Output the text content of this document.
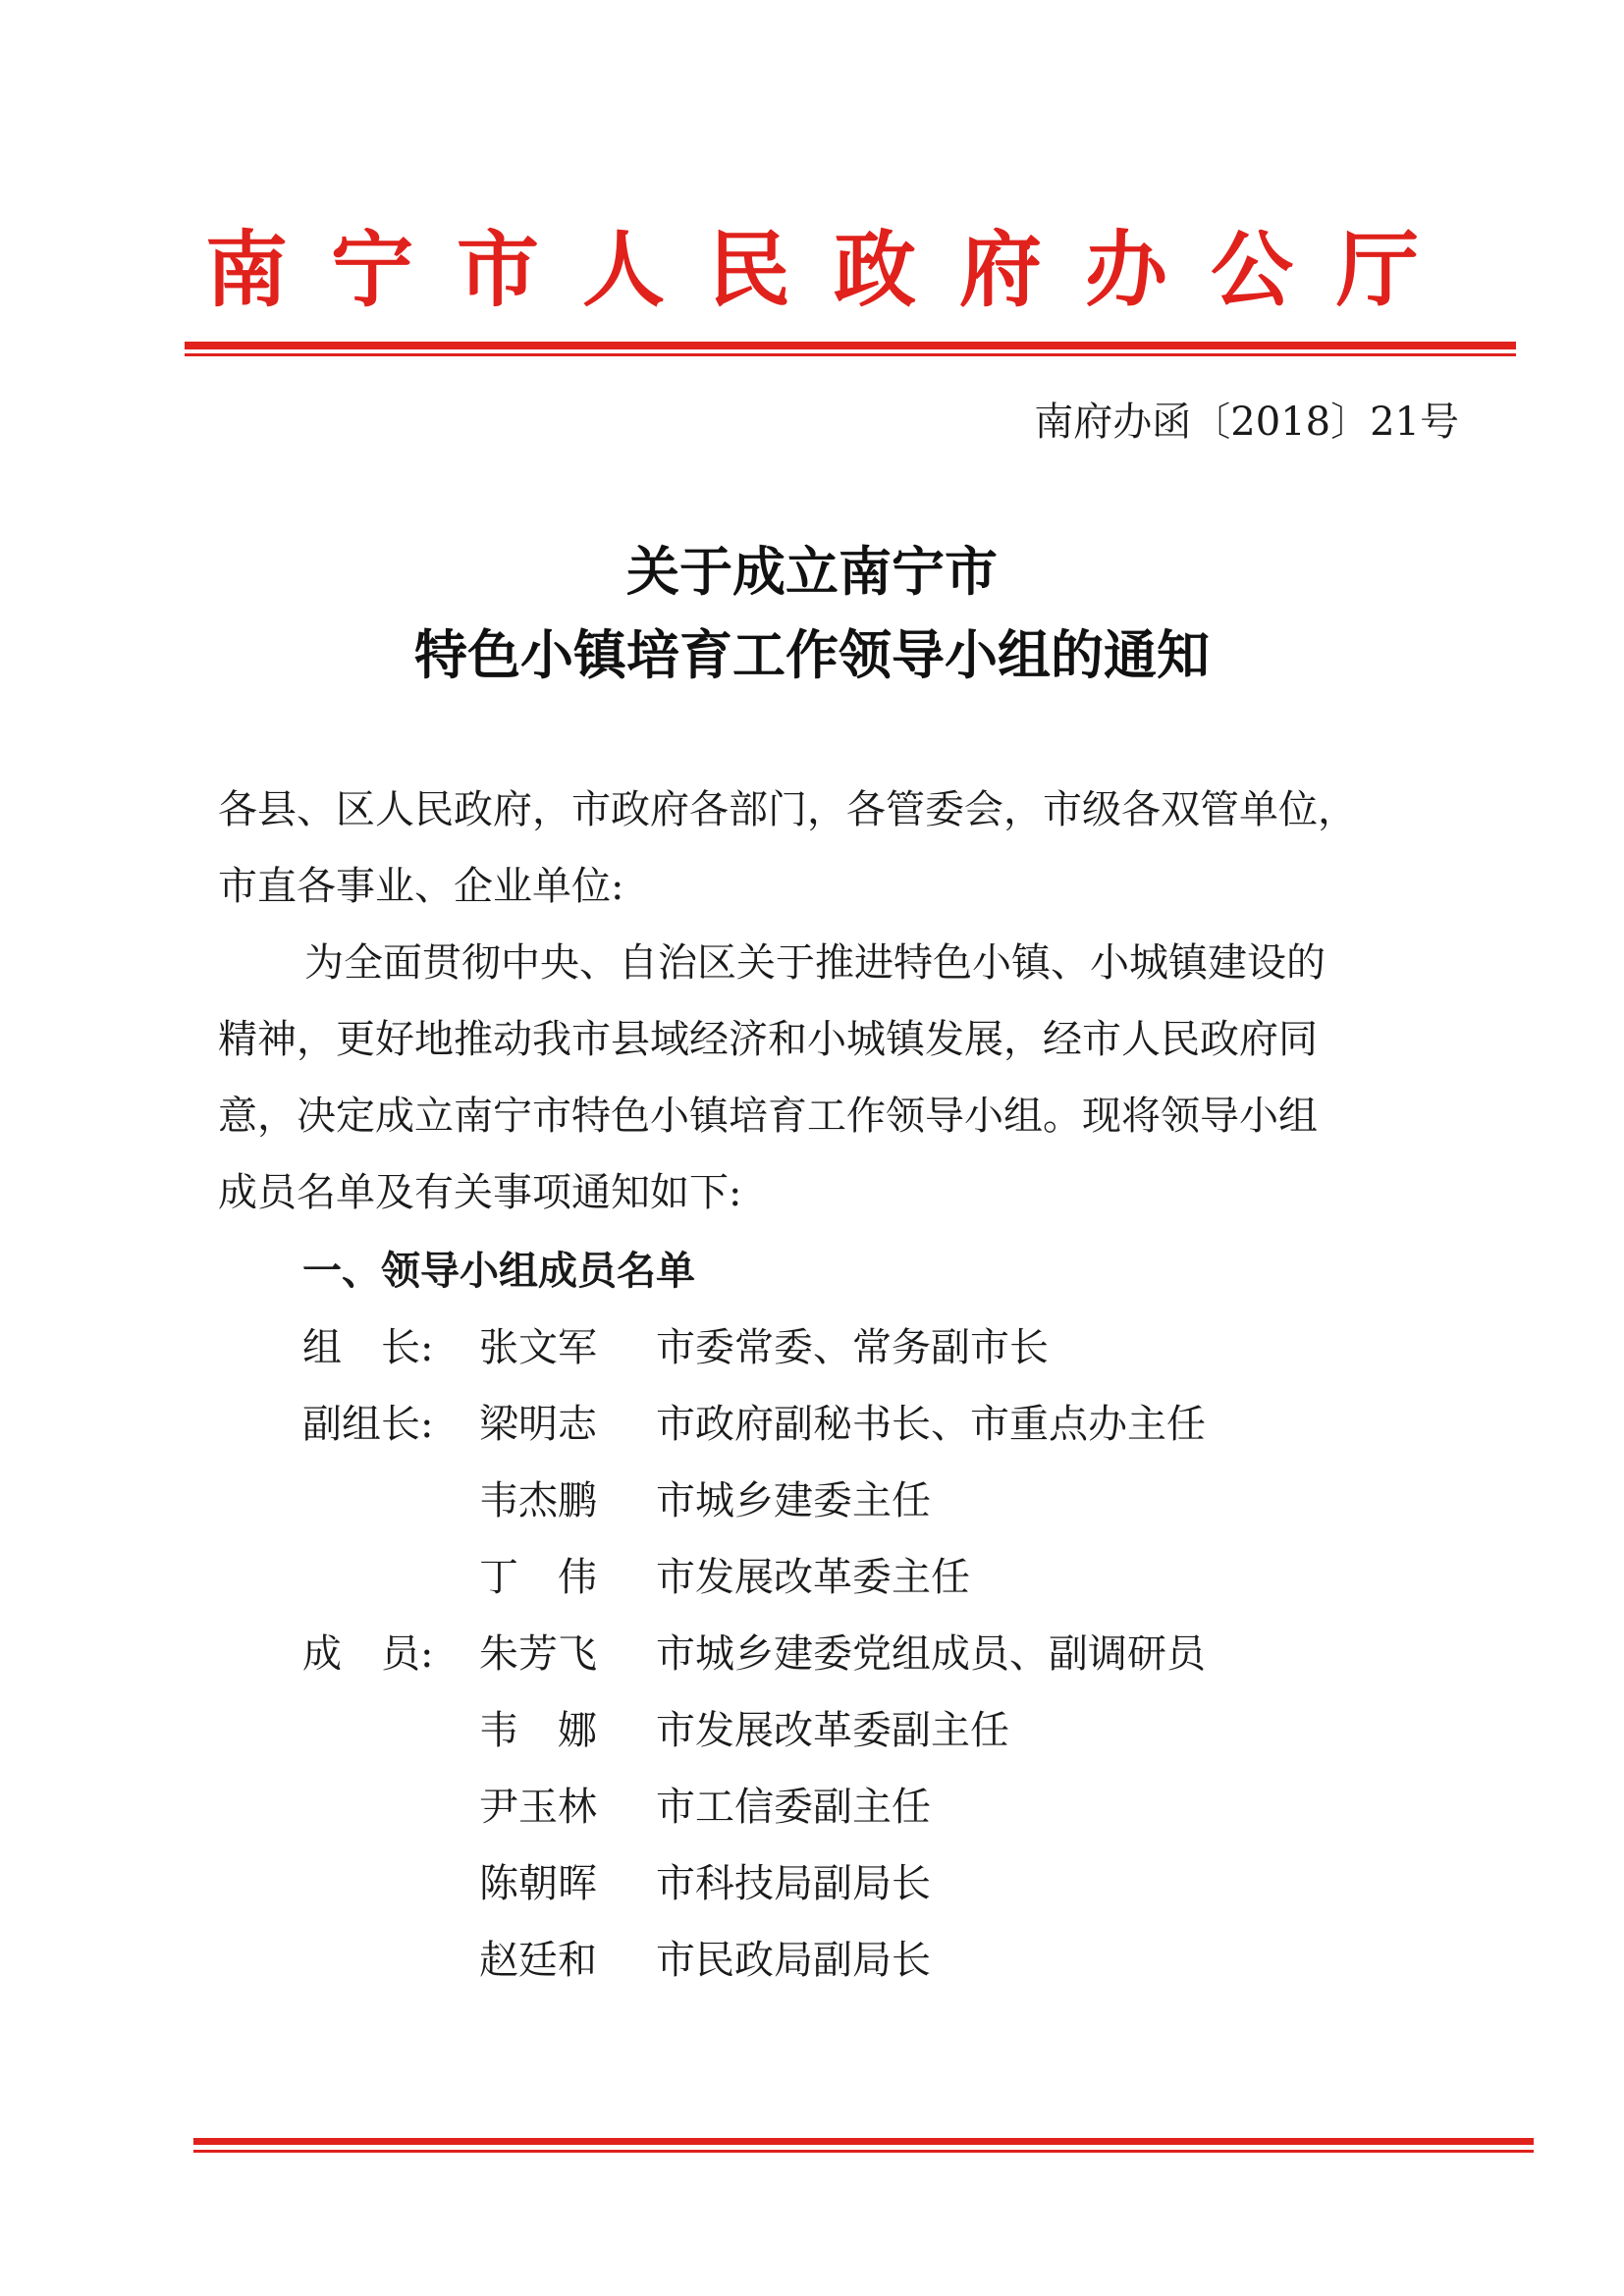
南宁市人民政府办公厅
南府办函〔2018〕21号
关于成立南宁市
特色小镇培育工作领导小组的通知
各县、区人民政府，市政府各部门，各管委会，市级各双管单位，
市直各事业、企业单位:
为全面贯彻中央、自治区关于推进特色小镇、小城镇建设的
精神，更好地推动我市县域经济和小城镇发展，经市人民政府同
意，决定成立南宁市特色小镇培育工作领导小组。现将领导小组
成员名单及有关事项通知如下:
一、领导小组成员名单
组　长: 张文军 市委常委、常务副市长
副组长: 梁明志 市政府副秘书长、市重点办主任
韦杰鹏 市城乡建委主任
丁　伟 市发展改革委主任
成　员: 朱芳飞 市城乡建委党组成员、副调研员
韦　娜 市发展改革委副主任
尹玉林 市工信委副主任
陈朝晖 市科技局副局长
赵廷和 市民政局副局长
